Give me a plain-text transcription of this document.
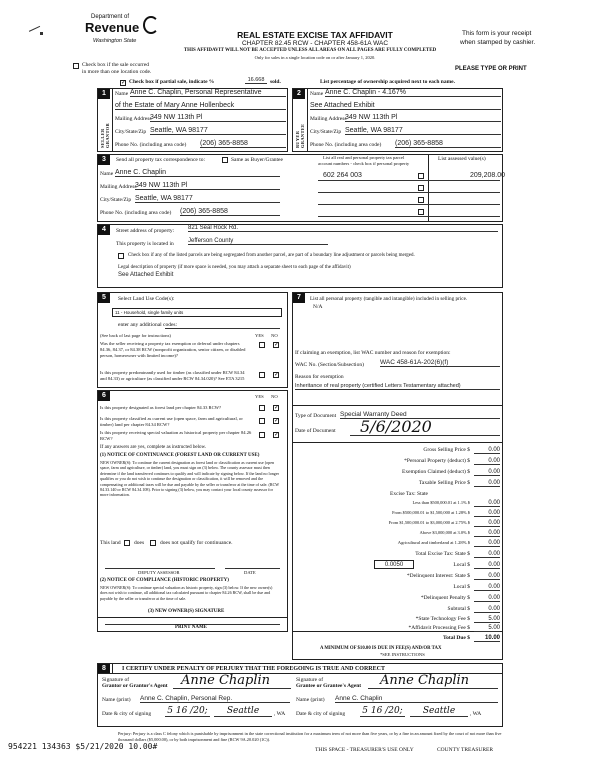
Department of
Revenue
Washington State
REAL ESTATE EXCISE TAX AFFIDAVIT
CHAPTER 82.45 RCW - CHAPTER 458-61A WAC
THIS AFFIDAVIT WILL NOT BE ACCEPTED UNLESS ALL AREAS ON ALL PAGES ARE FULLY COMPLETED
Only for sales in a single location code on or after January 1, 2020.
This form is your receipt
when stamped by cashier.
Check box if the sale occurred
in more than one location code.	PLEASE TYPE OR PRINT
✓
Check box if partial sale, indicate %	16.668	sold.	List percentage of ownership acquired next to each name.
1
SELLER GRANTOR
Name Anne C. Chaplin, Personal Representative
of the Estate of Mary Anne Hollenbeck
Mailing Address
349 NW 113th Pl
City/State/Zip Seattle, WA 98177
Phone No. (including area code) (206) 365-8858
2
BUYER GRANTEE
Name Anne C. Chaplin - 4.167%
See Attached Exhibit
Mailing Address
349 NW 113th Pl
City/State/Zip Seattle, WA 98177
Phone No. (including area code) (206) 365-8858
3	Send all property tax correspondence to:	Same as Buyer/Grantee
Name Anne C. Chaplin
Mailing Address
349 NW 113th Pl
City/State/Zip Seattle, WA 98177
Phone No. (including area code) (206) 365-8858
List all real and personal property tax parcel
account numbers - check box if personal property
List assessed value(s)
602 264 003	209,208.00
4	Street address of property: 821 Seal Rock Rd.
This property is located in Jefferson County
Check box if any of the listed parcels are being segregated from another parcel, are part of a boundary line adjustment or parcels being merged.
Legal description of property (if more space is needed, you may attach a separate sheet to each page of the affidavit)
See Attached Exhibit
5	Select Land Use Code(s):
11 - Household, single family units
enter any additional codes:
(See back of last page for instructions)	YES NO
Was the seller receiving a property tax exemption or deferral under chapters 84.36, 84.37, or 84.38 RCW (nonprofit organization, senior citizen, or disabled person, homeowner with limited income)?
✓
Is this property predominantly used for timber (as classified under RCW 84.34 and 84.33) or agriculture (as classified under RCW 84.34.020)? See ETA 3215
✓
6	YES NO
Is this property designated as forest land per chapter 84.33 RCW?
✓
Is this property classified as current use (open space, farm and agricultural, or timber) land per chapter 84.34 RCW?
✓
Is this property receiving special valuation as historical property per chapter 84.26 RCW?
✓
If any answers are yes, complete as instructed below.
(1) NOTICE OF CONTINUANCE (FOREST LAND OR CURRENT USE)
NEW OWNER(S): To continue the current designation as forest land or classification as current use (open space, farm and agriculture, or timber) land, you must sign on (3) below. The county assessor must then determine if the land transferred continues to qualify and will indicate by signing below. If the land no longer qualifies or you do not wish to continue the designation or classification, it will be removed and the compensating or additional taxes will be due and payable by the seller or transferor at the time of sale. (RCW 84.33.140 or RCW 84.34.108). Prior to signing (3) below, you may contact your local county assessor for more information.
This land does	does not qualify for continuance.
DEPUTY ASSESSOR	DATE
(2) NOTICE OF COMPLIANCE (HISTORIC PROPERTY)
NEW OWNER(S): To continue special valuation as historic property, sign (3) below. If the new owner(s) does not wish to continue, all additional tax calculated pursuant to chapter 84.26 RCW, shall be due and payable by the seller or transferor at the time of sale.
(3) NEW OWNER(S) SIGNATURE
PRINT NAME
7	List all personal property (tangible and intangible) included in selling price.
N/A
If claiming an exemption, list WAC number and reason for exemption:
WAC No. (Section/Subsection) WAC 458-61A-202(6)(f)
Reason for exemption
Inheritance of real property (certified Letters Testamentary attached)
Type of Document Special Warranty Deed
Date of Document	5/6/2020
Gross Selling Price $	0.00
*Personal Property (deduct) $	0.00
Exemption Claimed (deduct) $	0.00
Taxable Selling Price $	0.00
Excise Tax: State
Less than $500,000.01 at 1.1% $	0.00
From $500,000.01 to $1,500,000 at 1.28% $	0.00
From $1,500,000.01 to $3,000,000 at 2.75% $	0.00
Above $3,000,000 at 3.0% $	0.00
Agricultural and timberland at 1.28% $	0.00
Total Excise Tax: State $	0.00
0.0050	Local $	0.00
*Delinquent Interest: State $	0.00
Local $	0.00
*Delinquent Penalty $	0.00
Subtotal $	0.00
*State Technology Fee $	5.00
*Affidavit Processing Fee $	5.00
Total Due $	10.00
A MINIMUM OF $10.00 IS DUE IN FEE(S) AND/OR TAX
*SEE INSTRUCTIONS
8	I CERTIFY UNDER PENALTY OF PERJURY THAT THE FOREGOING IS TRUE AND CORRECT
Signature of
Grantor or Grantor's Agent	Anne Chaplin	Signature of
Grantee or Grantee's Agent	Anne Chaplin
Name (print) Anne C. Chaplin, Personal Rep.	Name (print) Anne C. Chaplin
Date & city of signing 5 16 /20;	Seattle	, WA Date & city of signing 5 16 /20;	Seattle	, WA
Perjury: Perjury is a class C felony which is punishable by imprisonment in the state correctional institution for a maximum term of not more than five years, or by a fine in an amount fixed by the court of not more than five thousand dollars ($5,000.00), or by both imprisonment and fine (RCW 9A.20.020 (1C)).
954221 134363 $5/21/2020 10.00#	THIS SPACE - TREASURER'S USE ONLY	COUNTY TREASURER
